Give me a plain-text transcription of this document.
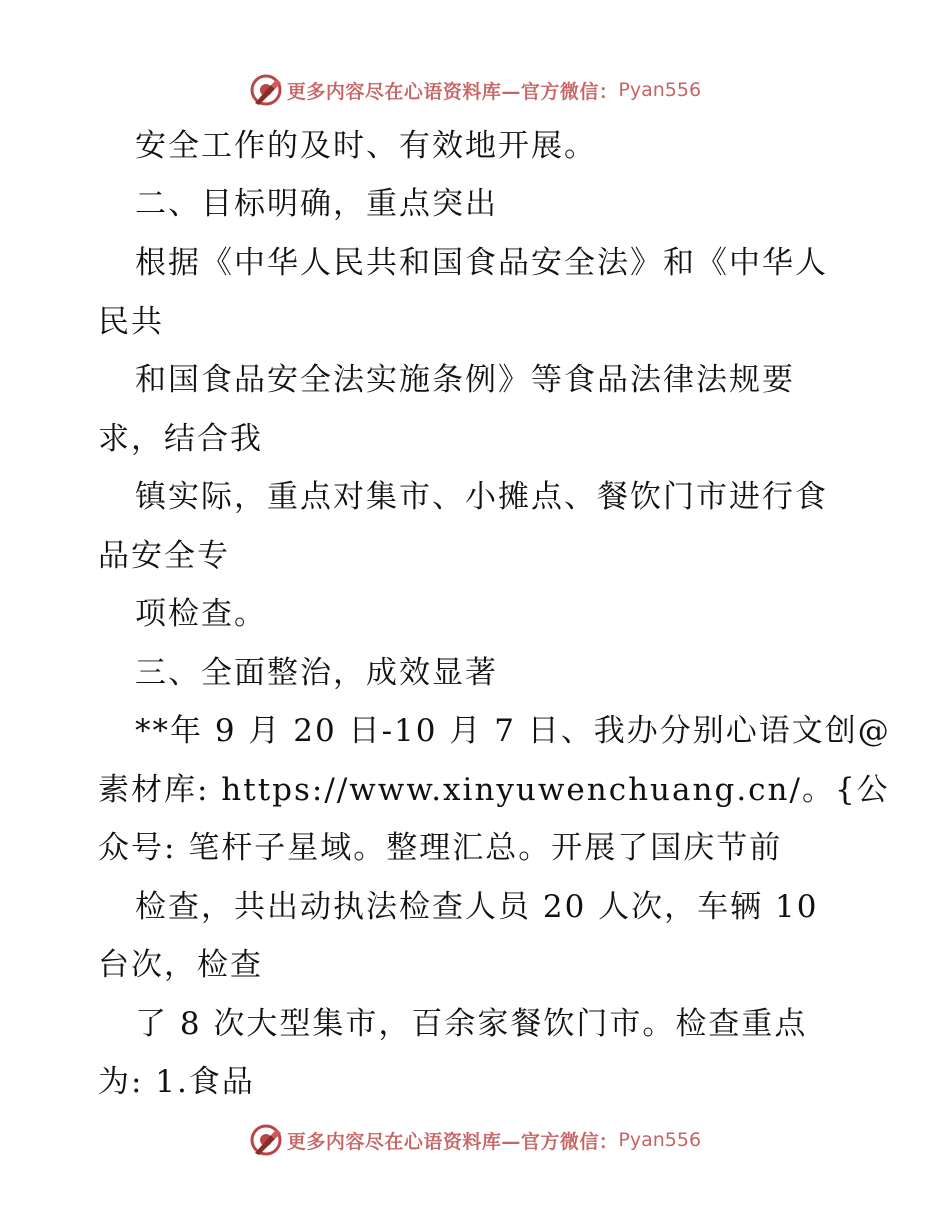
更多内容尽在心语资料库—官方微信： Pyan556
安全工作的及时、有效地开展。
二、目标明确，重点突出
根据《中华人民共和国食品安全法》和《中华人
民共
和国食品安全法实施条例》等食品法律法规要
求，结合我
镇实际，重点对集市、小摊点、餐饮门市进行食
品安全专
项检查。
三、全面整治，成效显著
**年 9 月 20 日-10 月 7 日、我办分别心语文创@
素材库: https://www.xinyuwenchuang.cn/。{公
众号: 笔杆子星域。整理汇总。开展了国庆节前
检查，共出动执法检查人员 20 人次，车辆 10
台次，检查
了 8 次大型集市，百余家餐饮门市。检查重点
为: 1.食品
更多内容尽在心语资料库—官方微信： Pyan556
